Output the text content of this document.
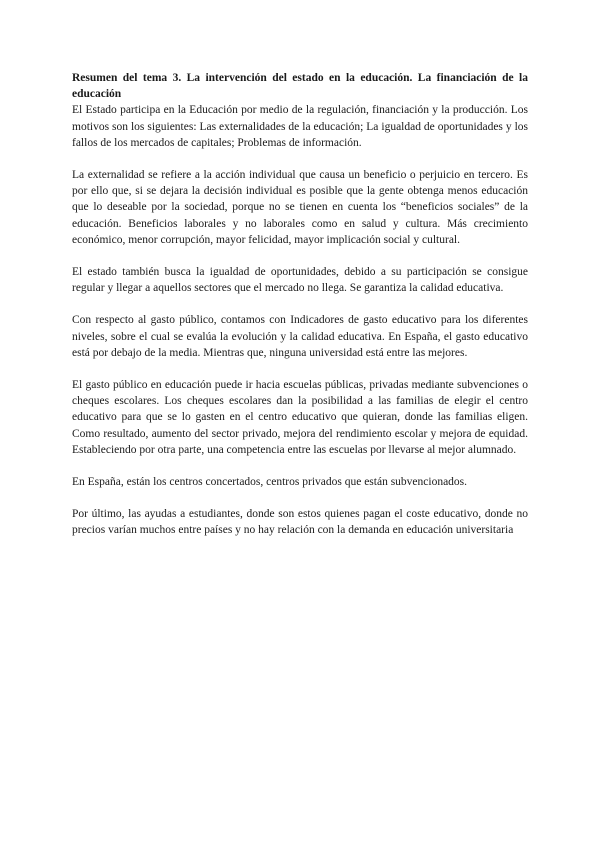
Resumen del tema 3. La intervención del estado en la educación. La financiación de la educación

El Estado participa en la Educación por medio de la regulación, financiación y la producción. Los motivos son los siguientes: Las externalidades de la educación; La igualdad de oportunidades y los fallos de los mercados de capitales; Problemas de información.

La externalidad se refiere a la acción individual que causa un beneficio o perjuicio en tercero. Es por ello que, si se dejara la decisión individual es posible que la gente obtenga menos educación que lo deseable por la sociedad, porque no se tienen en cuenta los “beneficios sociales” de la educación. Beneficios laborales y no laborales como en salud y cultura. Más crecimiento económico, menor corrupción, mayor felicidad, mayor implicación social y cultural.

El estado también busca la igualdad de oportunidades, debido a su participación se consigue regular y llegar a aquellos sectores que el mercado no llega. Se garantiza la calidad educativa.

Con respecto al gasto público, contamos con Indicadores de gasto educativo para los diferentes niveles, sobre el cual se evalúa la evolución y la calidad educativa. En España, el gasto educativo está por debajo de la media. Mientras que, ninguna universidad está entre las mejores.

El gasto público en educación puede ir hacia escuelas públicas, privadas mediante subvenciones o cheques escolares. Los cheques escolares dan la posibilidad a las familias de elegir el centro educativo para que se lo gasten en el centro educativo que quieran, donde las familias eligen. Como resultado, aumento del sector privado, mejora del rendimiento escolar y mejora de equidad. Estableciendo por otra parte, una competencia entre las escuelas por llevarse al mejor alumnado.

En España, están los centros concertados, centros privados que están subvencionados.

Por último, las ayudas a estudiantes, donde son estos quienes pagan el coste educativo, donde no precios varían muchos entre países y no hay relación con la demanda en educación universitaria
